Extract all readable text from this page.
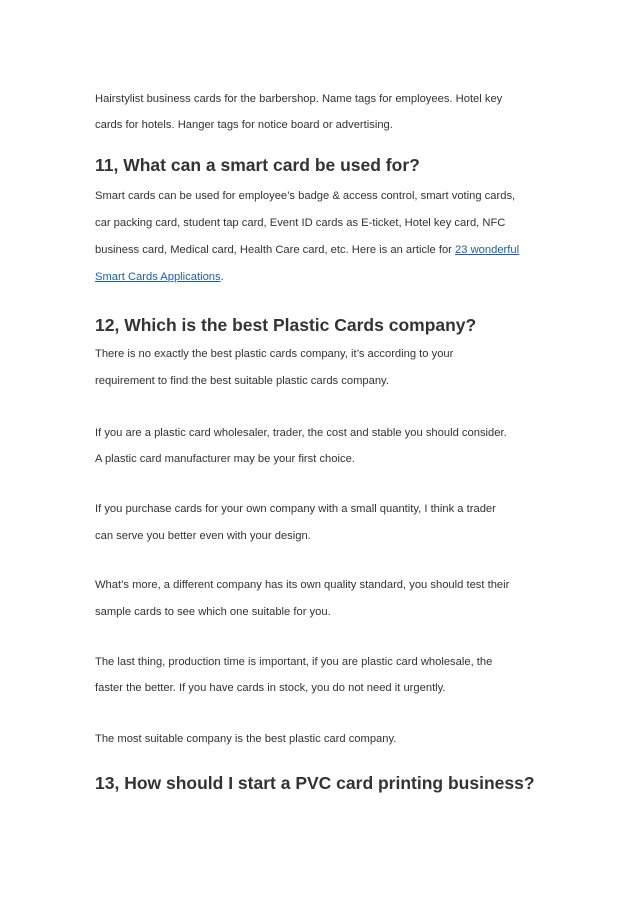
Hairstylist business cards for the barbershop. Name tags for employees. Hotel key

cards for hotels. Hanger tags for notice board or advertising.

11, What can a smart card be used for?

Smart cards can be used for employee’s badge & access control, smart voting cards,

car packing card, student tap card, Event ID cards as E-ticket, Hotel key card, NFC

business card, Medical card, Health Care card, etc. Here is an article for 23 wonderful

Smart Cards Applications.

12, Which is the best Plastic Cards company?

There is no exactly the best plastic cards company, it’s according to your

requirement to find the best suitable plastic cards company.

If you are a plastic card wholesaler, trader, the cost and stable you should consider.

A plastic card manufacturer may be your first choice.

If you purchase cards for your own company with a small quantity, I think a trader

can serve you better even with your design.

What’s more, a different company has its own quality standard, you should test their

sample cards to see which one suitable for you.

The last thing, production time is important, if you are plastic card wholesale, the

faster the better. If you have cards in stock, you do not need it urgently.

The most suitable company is the best plastic card company.

13, How should I start a PVC card printing business?
